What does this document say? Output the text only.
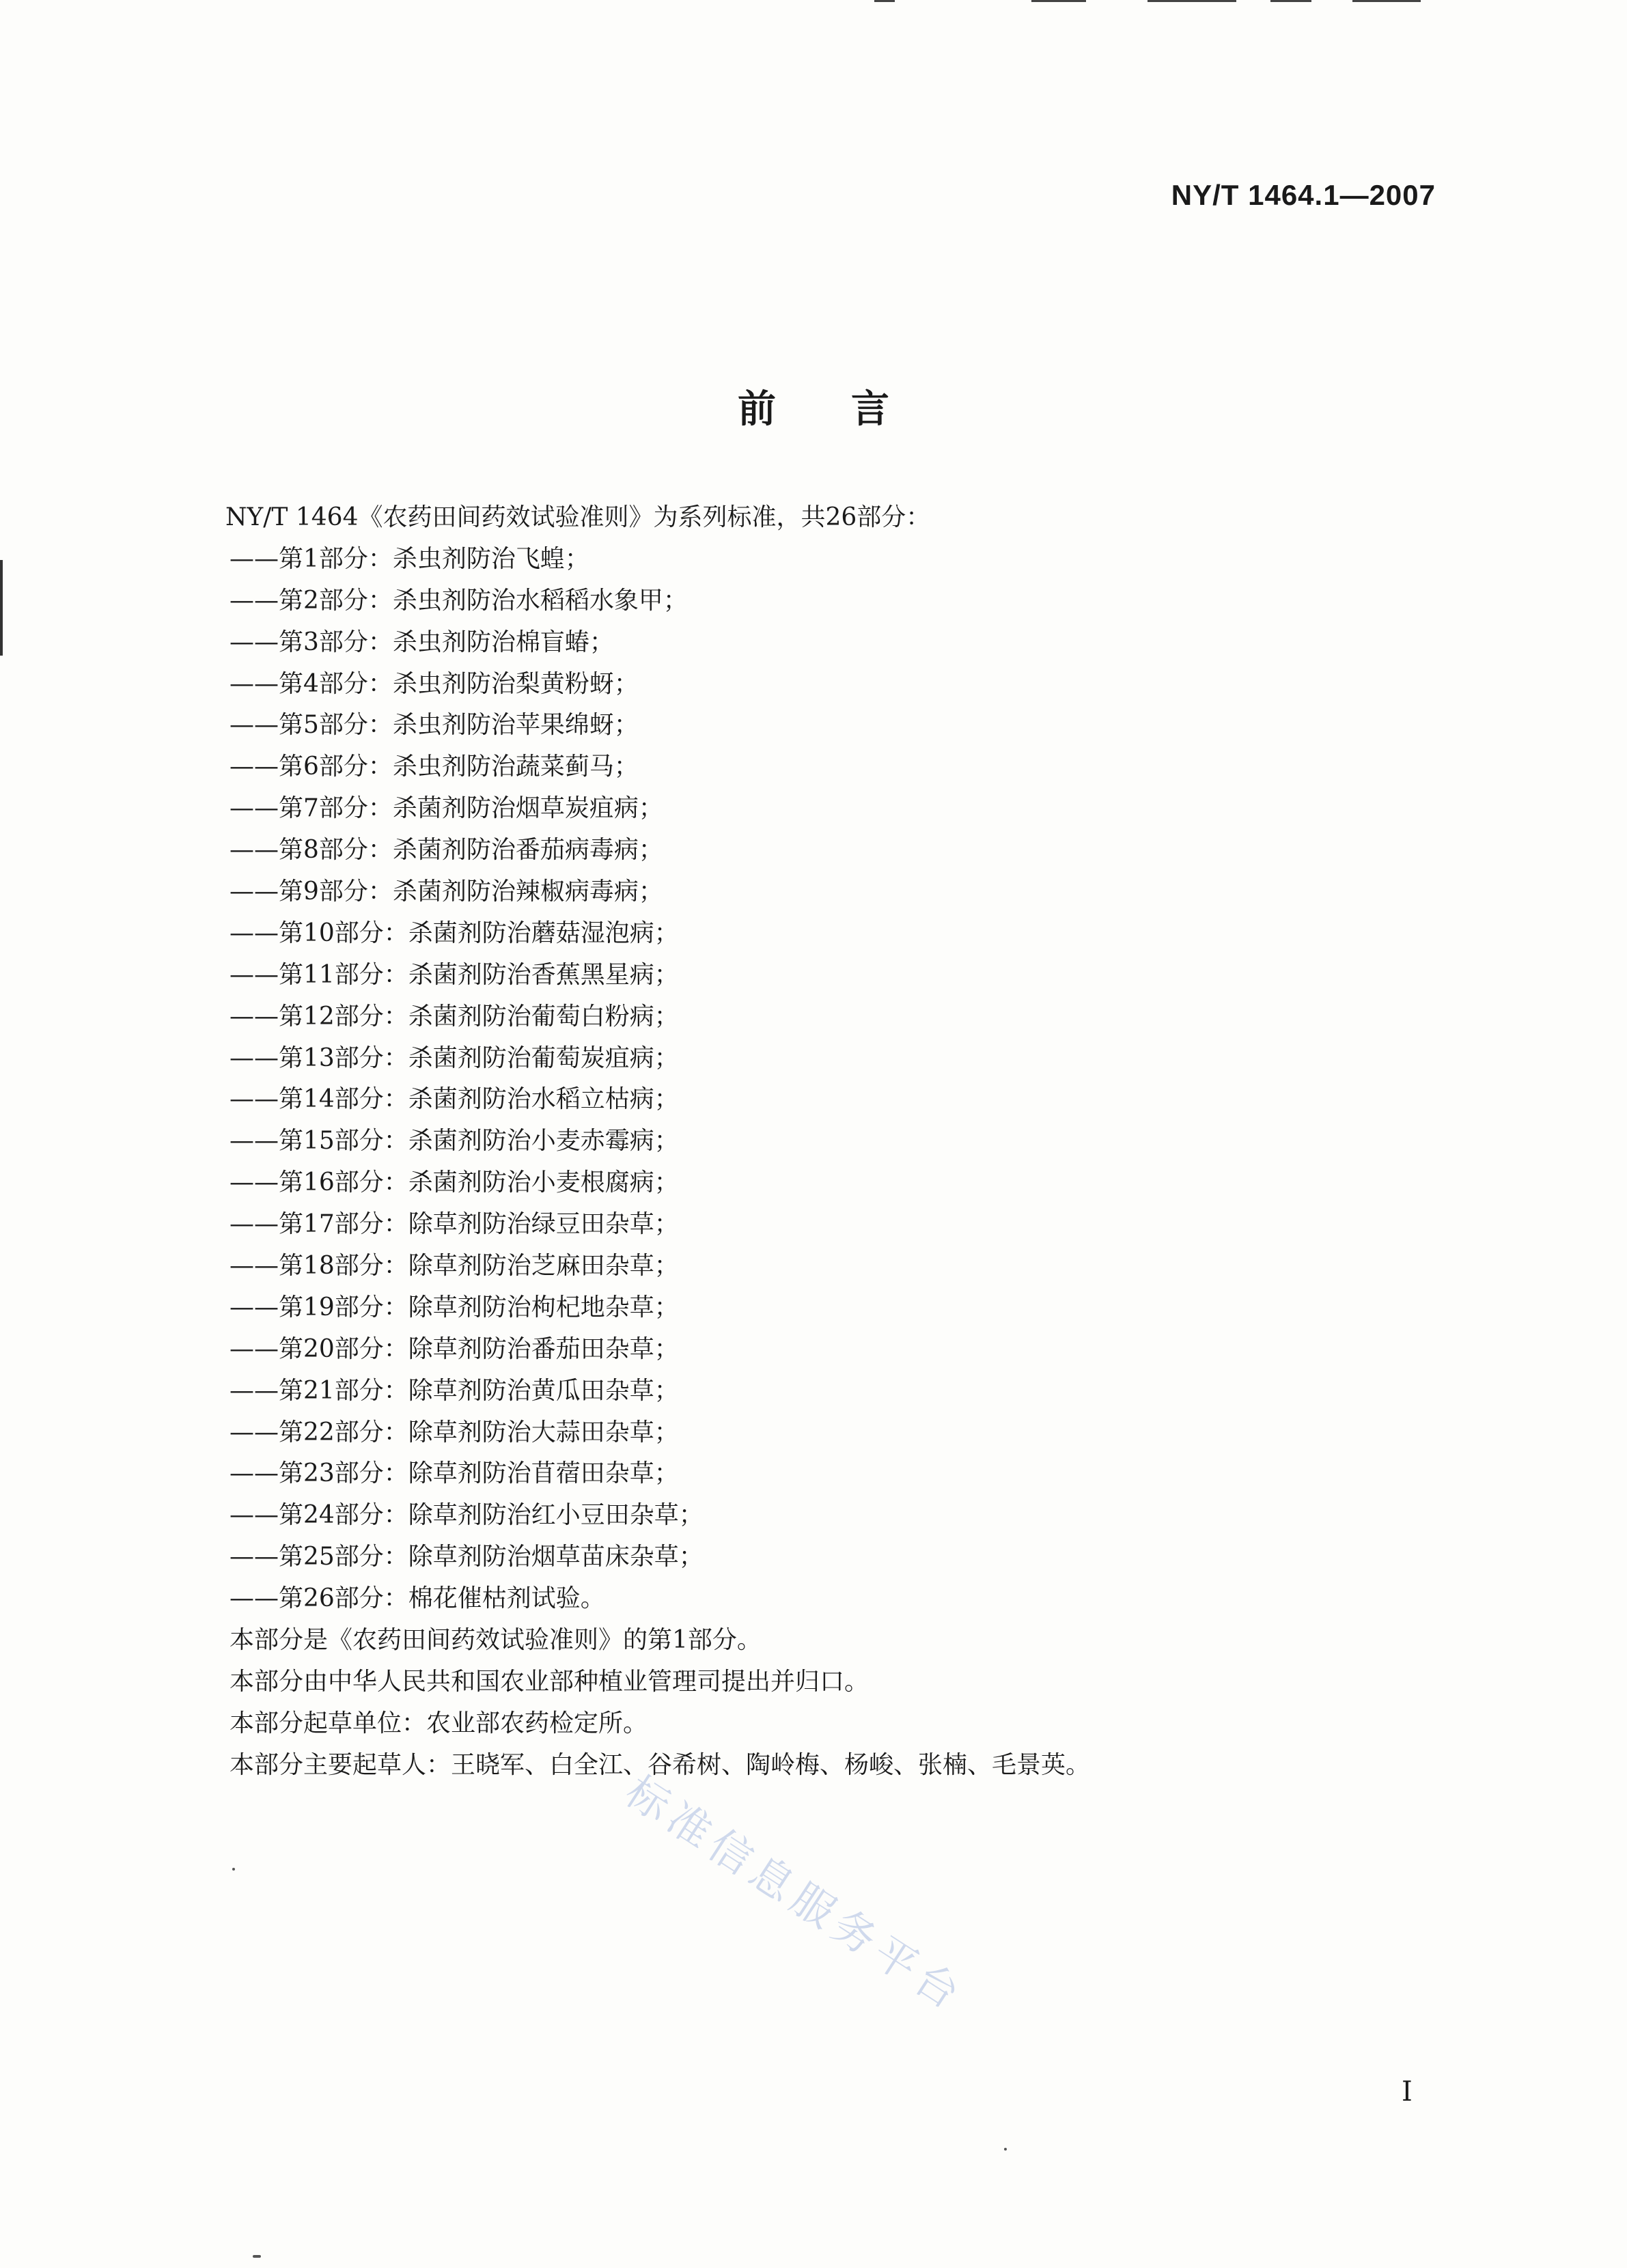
NY/T 1464.1—2007
前言
NY/T 1464《农药田间药效试验准则》为系列标准，共26部分：
——第1部分：杀虫剂防治飞蝗；
——第2部分：杀虫剂防治水稻稻水象甲；
——第3部分：杀虫剂防治棉盲蝽；
——第4部分：杀虫剂防治梨黄粉蚜；
——第5部分：杀虫剂防治苹果绵蚜；
——第6部分：杀虫剂防治蔬菜蓟马；
——第7部分：杀菌剂防治烟草炭疽病；
——第8部分：杀菌剂防治番茄病毒病；
——第9部分：杀菌剂防治辣椒病毒病；
——第10部分：杀菌剂防治蘑菇湿泡病；
——第11部分：杀菌剂防治香蕉黑星病；
——第12部分：杀菌剂防治葡萄白粉病；
——第13部分：杀菌剂防治葡萄炭疽病；
——第14部分：杀菌剂防治水稻立枯病；
——第15部分：杀菌剂防治小麦赤霉病；
——第16部分：杀菌剂防治小麦根腐病；
——第17部分：除草剂防治绿豆田杂草；
——第18部分：除草剂防治芝麻田杂草；
——第19部分：除草剂防治枸杞地杂草；
——第20部分：除草剂防治番茄田杂草；
——第21部分：除草剂防治黄瓜田杂草；
——第22部分：除草剂防治大蒜田杂草；
——第23部分：除草剂防治苜蓿田杂草；
——第24部分：除草剂防治红小豆田杂草；
——第25部分：除草剂防治烟草苗床杂草；
——第26部分：棉花催枯剂试验。
本部分是《农药田间药效试验准则》的第1部分。
本部分由中华人民共和国农业部种植业管理司提出并归口。
本部分起草单位：农业部农药检定所。
本部分主要起草人：王晓军、白全江、谷希树、陶岭梅、杨峻、张楠、毛景英。
标准信息服务平台
I
